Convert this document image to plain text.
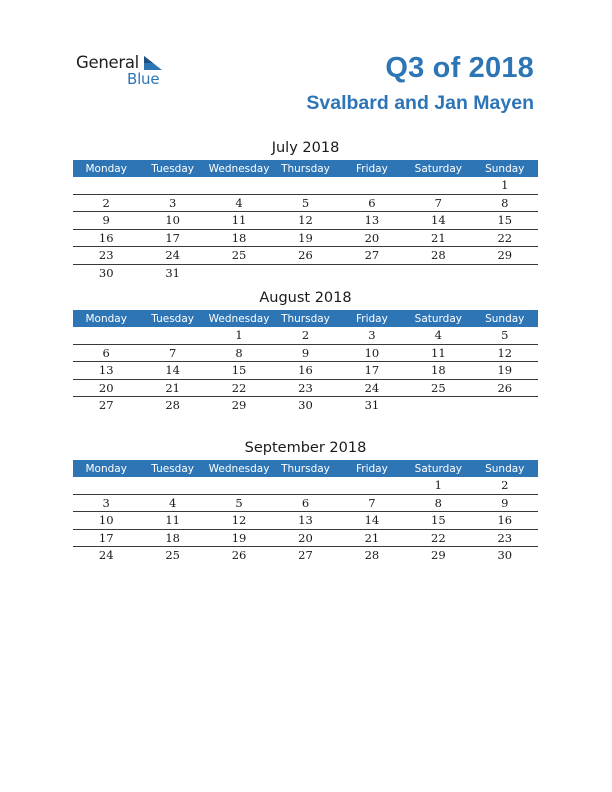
General
Blue	Q3 of 2018
Svalbard and Jan Mayen
July 2018
Monday	Tuesday	Wednesday	Thursday	Friday	Saturday	Sunday
						1
2	3	4	5	6	7	8
9	10	11	12	13	14	15
16	17	18	19	20	21	22
23	24	25	26	27	28	29
30	31					
August 2018
Monday	Tuesday	Wednesday	Thursday	Friday	Saturday	Sunday
		1	2	3	4	5
6	7	8	9	10	11	12
13	14	15	16	17	18	19
20	21	22	23	24	25	26
27	28	29	30	31		
September 2018
Monday	Tuesday	Wednesday	Thursday	Friday	Saturday	Sunday
					1	2
3	4	5	6	7	8	9
10	11	12	13	14	15	16
17	18	19	20	21	22	23
24	25	26	27	28	29	30
